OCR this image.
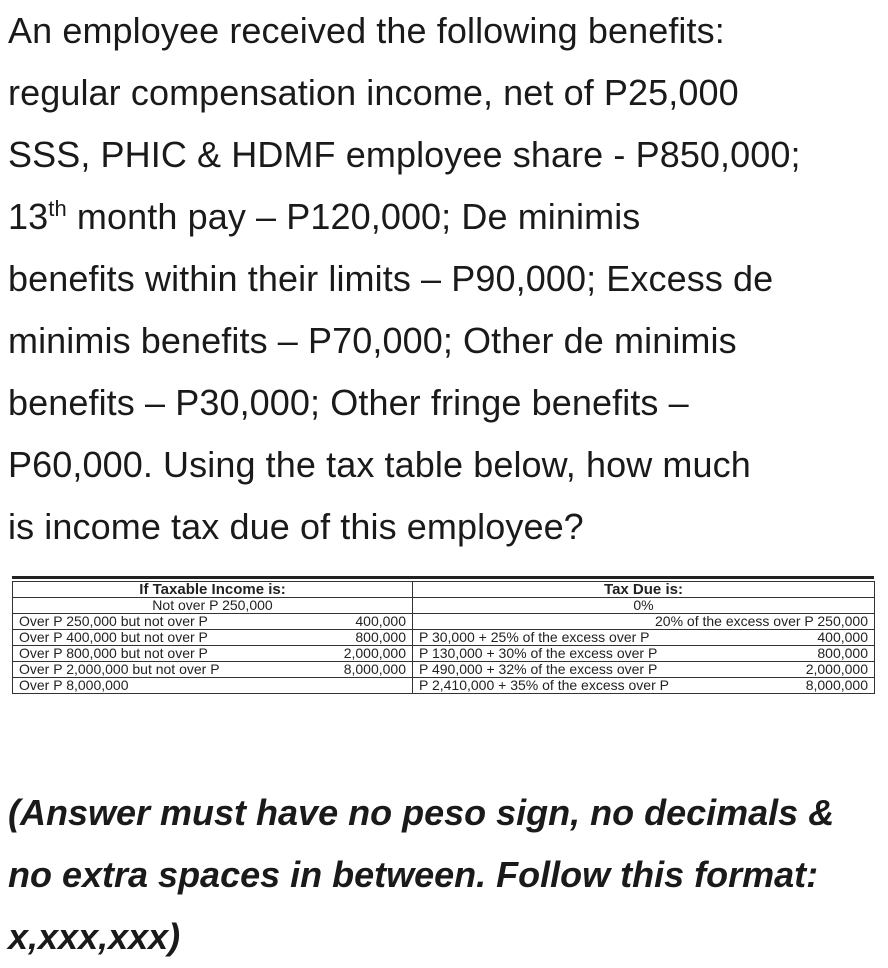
An employee received the following benefits:

regular compensation income, net of P25,000

SSS, PHIC & HDMF employee share - P850,000;

13th month pay – P120,000; De minimis

benefits within their limits – P90,000; Excess de

minimis benefits – P70,000; Other de minimis

benefits – P30,000; Other fringe benefits –

P60,000. Using the tax table below, how much

is income tax due of this employee?

If Taxable Income is:	Tax Due is:
Not over P 250,000	0%

Over P 250,000 but not over P 400,000	20% of the excess over P 250,000

Over P 400,000 but not over P 800,000	P 30,000 + 25% of the excess over P 400,000

Over P 800,000 but not over P 2,000,000	P 130,000 + 30% of the excess over P 800,000

Over P 2,000,000 but not over P 8,000,000	P 490,000 + 32% of the excess over P 2,000,000

Over P 8,000,000	P 2,410,000 + 35% of the excess over P 8,000,000

(Answer must have no peso sign, no decimals &

no extra spaces in between. Follow this format:

x,xxx,xxx)
